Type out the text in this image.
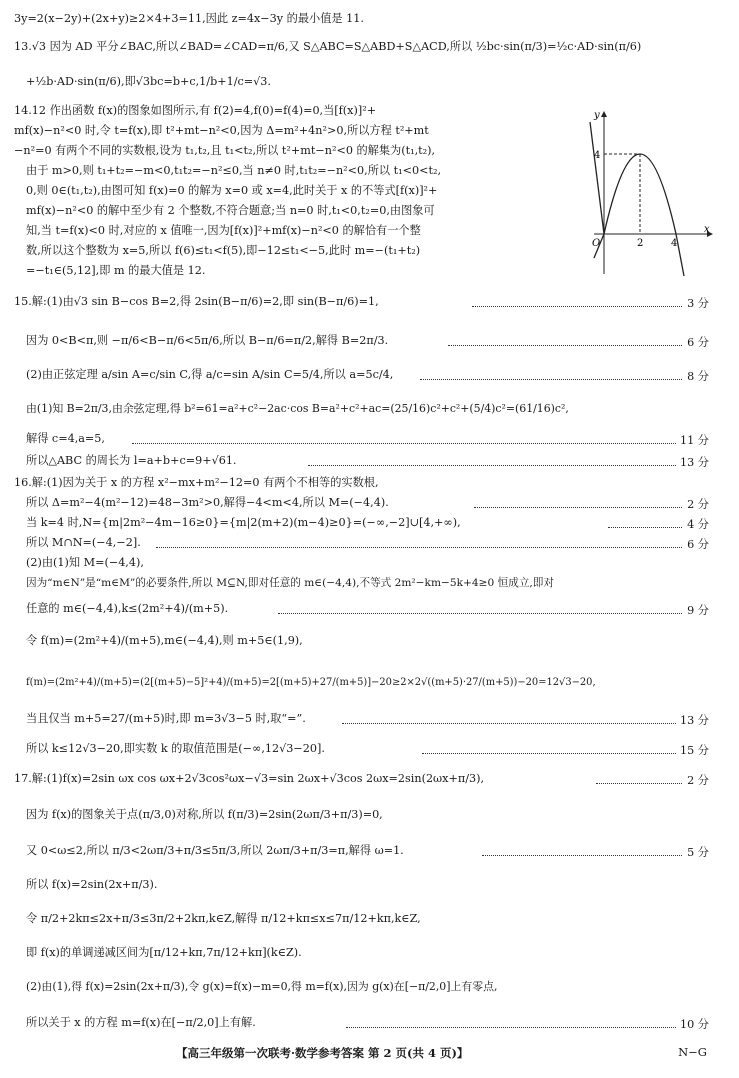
3y=2(x−2y)+(2x+y)≥2×4+3=11,因此 z=4x−3y 的最小值是 11.
13.√3 因为 AD 平分∠BAC,所以∠BAD=∠CAD=π/6,又 S△ABC=S△ABD+S△ACD,所以 ½bc·sin(π/3)=½c·AD·sin(π/6)
+½b·AD·sin(π/6),即√3bc=b+c,1/b+1/c=√3.
14.12 作出函数 f(x)的图象如图所示,有 f(2)=4,f(0)=f(4)=0,当[f(x)]²+
mf(x)−n²<0 时,令 t=f(x),即 t²+mt−n²<0,因为 Δ=m²+4n²>0,所以方程 t²+mt
−n²=0 有两个不同的实数根,设为 t₁,t₂,且 t₁<t₂,所以 t²+mt−n²<0 的解集为(t₁,t₂),
由于 m>0,则 t₁+t₂=−m<0,t₁t₂=−n²≤0,当 n≠0 时,t₁t₂=−n²<0,所以 t₁<0<t₂,
0,则 0∈(t₁,t₂),由图可知 f(x)=0 的解为 x=0 或 x=4,此时关于 x 的不等式[f(x)]²+
mf(x)−n²<0 的解中至少有 2 个整数,不符合题意;当 n=0 时,t₁<0,t₂=0,由图象可
知,当 t=f(x)<0 时,对应的 x 值唯一,因为[f(x)]²+mf(x)−n²<0 的解恰有一个整
数,所以这个整数为 x=5,所以 f(6)≤t₁<f(5),即−12≤t₁<−5,此时 m=−(t₁+t₂)
=−t₁∈(5,12],即 m 的最大值是 12.
y
x
O
4
2	4
15.解:(1)由√3 sin B−cos B=2,得 2sin(B−π/6)=2,即 sin(B−π/6)=1,	3 分
因为 0<B<π,则 −π/6<B−π/6<5π/6,所以 B−π/6=π/2,解得 B=2π/3.	6 分
(2)由正弦定理 a/sin A=c/sin C,得 a/c=sin A/sin C=5/4,所以 a=5c/4,	8 分
由(1)知 B=2π/3,由余弦定理,得 b²=61=a²+c²−2ac·cos B=a²+c²+ac=(25/16)c²+c²+(5/4)c²=(61/16)c²,
解得 c=4,a=5,	11 分
所以△ABC 的周长为 l=a+b+c=9+√61.	13 分
16.解:(1)因为关于 x 的方程 x²−mx+m²−12=0 有两个不相等的实数根,
所以 Δ=m²−4(m²−12)=48−3m²>0,解得−4<m<4,所以 M=(−4,4).	2 分
当 k=4 时,N={m|2m²−4m−16≥0}={m|2(m+2)(m−4)≥0}=(−∞,−2]∪[4,+∞),	4 分
所以 M∩N=(−4,−2].	6 分
(2)由(1)知 M=(−4,4),
因为“m∈N”是“m∈M”的必要条件,所以 M⊆N,即对任意的 m∈(−4,4),不等式 2m²−km−5k+4≥0 恒成立,即对
任意的 m∈(−4,4),k≤(2m²+4)/(m+5).	9 分
令 f(m)=(2m²+4)/(m+5),m∈(−4,4),则 m+5∈(1,9),
f(m)=(2m²+4)/(m+5)=(2[(m+5)−5]²+4)/(m+5)=2[(m+5)+27/(m+5)]−20≥2×2√((m+5)·27/(m+5))−20=12√3−20,
当且仅当 m+5=27/(m+5)时,即 m=3√3−5 时,取“=”.	13 分
所以 k≤12√3−20,即实数 k 的取值范围是(−∞,12√3−20].	15 分
17.解:(1)f(x)=2sin ωx cos ωx+2√3cos²ωx−√3=sin 2ωx+√3cos 2ωx=2sin(2ωx+π/3),	2 分
因为 f(x)的图象关于点(π/3,0)对称,所以 f(π/3)=2sin(2ωπ/3+π/3)=0,
又 0<ω≤2,所以 π/3<2ωπ/3+π/3≤5π/3,所以 2ωπ/3+π/3=π,解得 ω=1.	5 分
所以 f(x)=2sin(2x+π/3).
令 π/2+2kπ≤2x+π/3≤3π/2+2kπ,k∈Z,解得 π/12+kπ≤x≤7π/12+kπ,k∈Z,
即 f(x)的单调递减区间为[π/12+kπ,7π/12+kπ](k∈Z).
(2)由(1),得 f(x)=2sin(2x+π/3),令 g(x)=f(x)−m=0,得 m=f(x),因为 g(x)在[−π/2,0]上有零点,
所以关于 x 的方程 m=f(x)在[−π/2,0]上有解.	10 分
【高三年级第一次联考·数学参考答案 第 2 页(共 4 页)】	N−G
